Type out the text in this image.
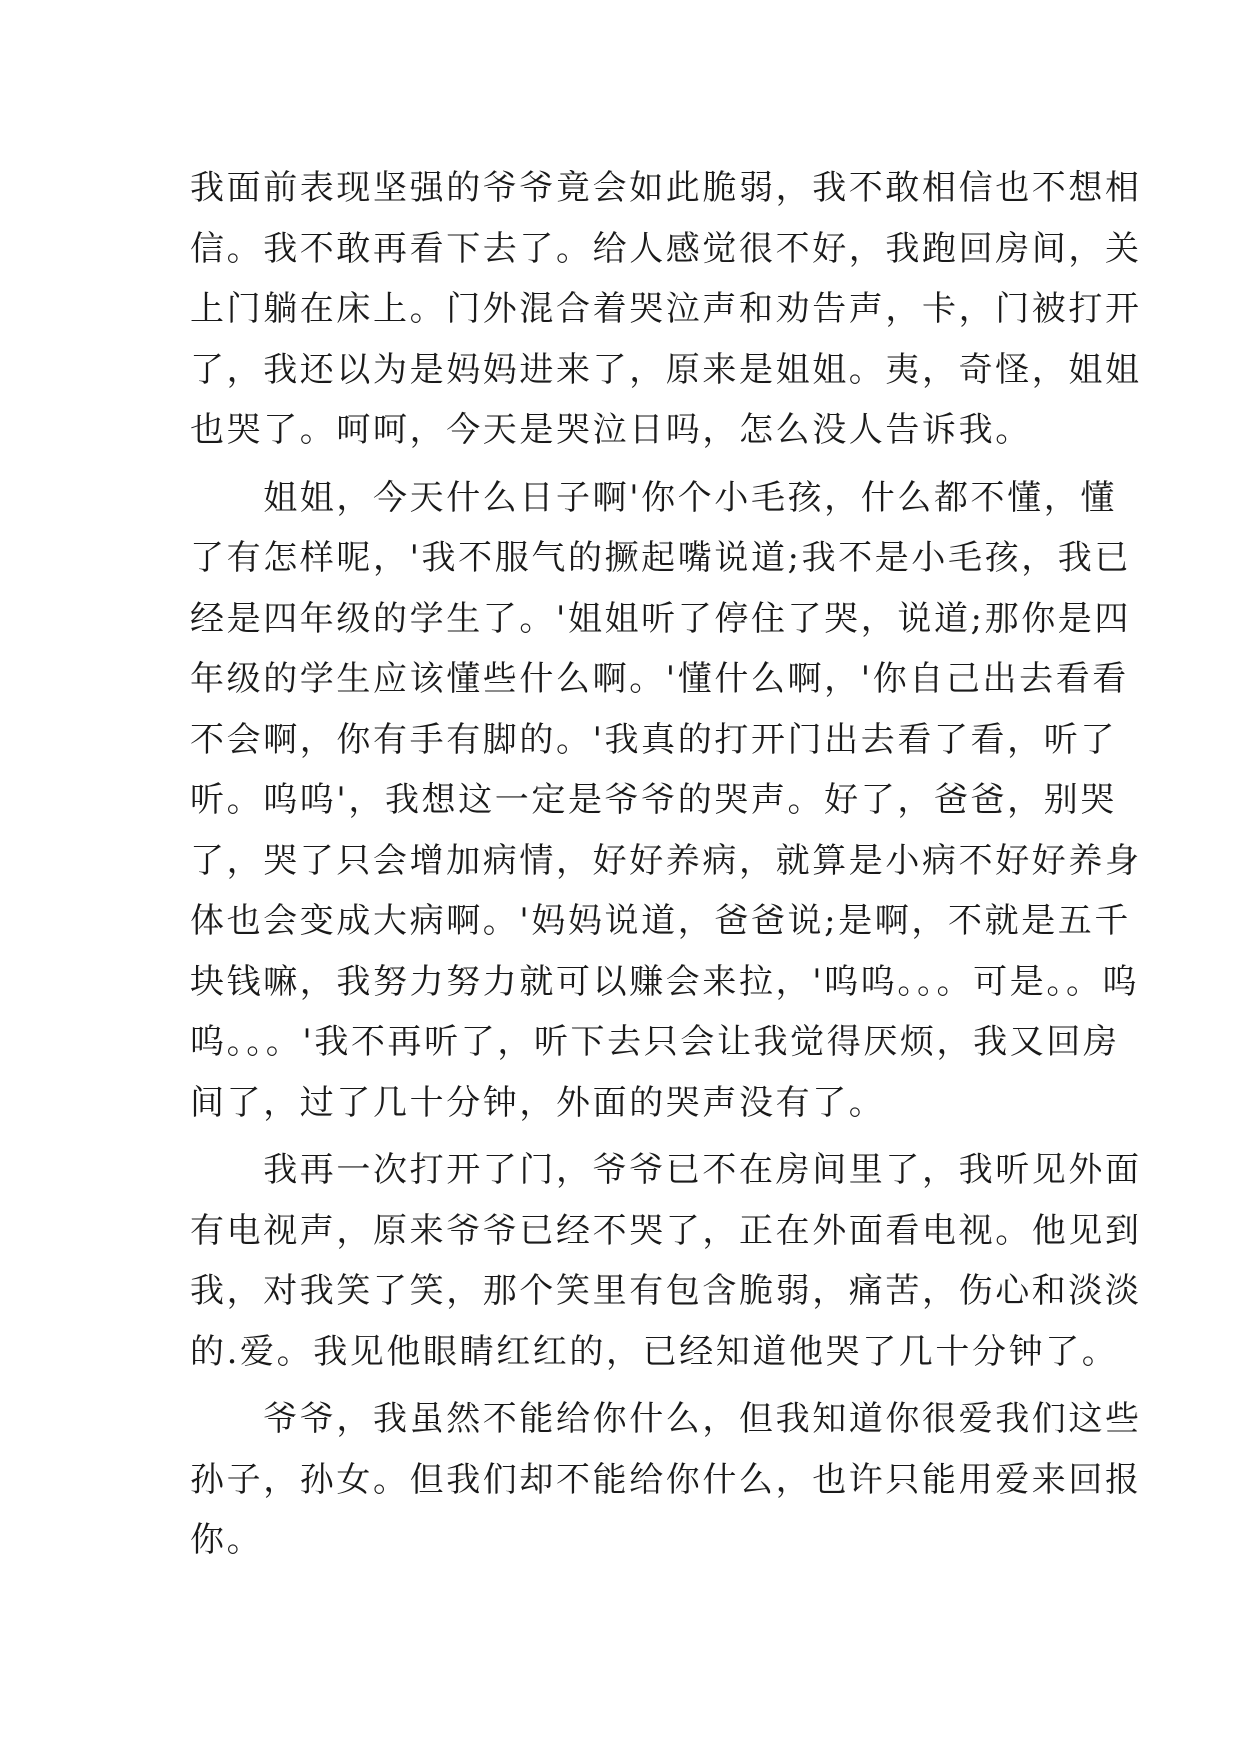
我面前表现坚强的爷爷竟会如此脆弱，我不敢相信也不想相
信。我不敢再看下去了。给人感觉很不好，我跑回房间，关
上门躺在床上。门外混合着哭泣声和劝告声，卡，门被打开
了，我还以为是妈妈进来了，原来是姐姐。夷，奇怪，姐姐
也哭了。呵呵，今天是哭泣日吗，怎么没人告诉我。

　　姐姐，今天什么日子啊'你个小毛孩，什么都不懂，懂
了有怎样呢，'我不服气的撅起嘴说道;我不是小毛孩，我已
经是四年级的学生了。'姐姐听了停住了哭，说道;那你是四
年级的学生应该懂些什么啊。'懂什么啊，'你自己出去看看
不会啊，你有手有脚的。'我真的打开门出去看了看，听了
听。呜呜'，我想这一定是爷爷的哭声。好了，爸爸，别哭
了，哭了只会增加病情，好好养病，就算是小病不好好养身
体也会变成大病啊。'妈妈说道，爸爸说;是啊，不就是五千
块钱嘛，我努力努力就可以赚会来拉，'呜呜。。。可是。。呜
呜。。。'我不再听了，听下去只会让我觉得厌烦，我又回房
间了，过了几十分钟，外面的哭声没有了。

　　我再一次打开了门，爷爷已不在房间里了，我听见外面
有电视声，原来爷爷已经不哭了，正在外面看电视。他见到
我，对我笑了笑，那个笑里有包含脆弱，痛苦，伤心和淡淡
的.爱。我见他眼睛红红的，已经知道他哭了几十分钟了。

　　爷爷，我虽然不能给你什么，但我知道你很爱我们这些
孙子，孙女。但我们却不能给你什么，也许只能用爱来回报
你。
